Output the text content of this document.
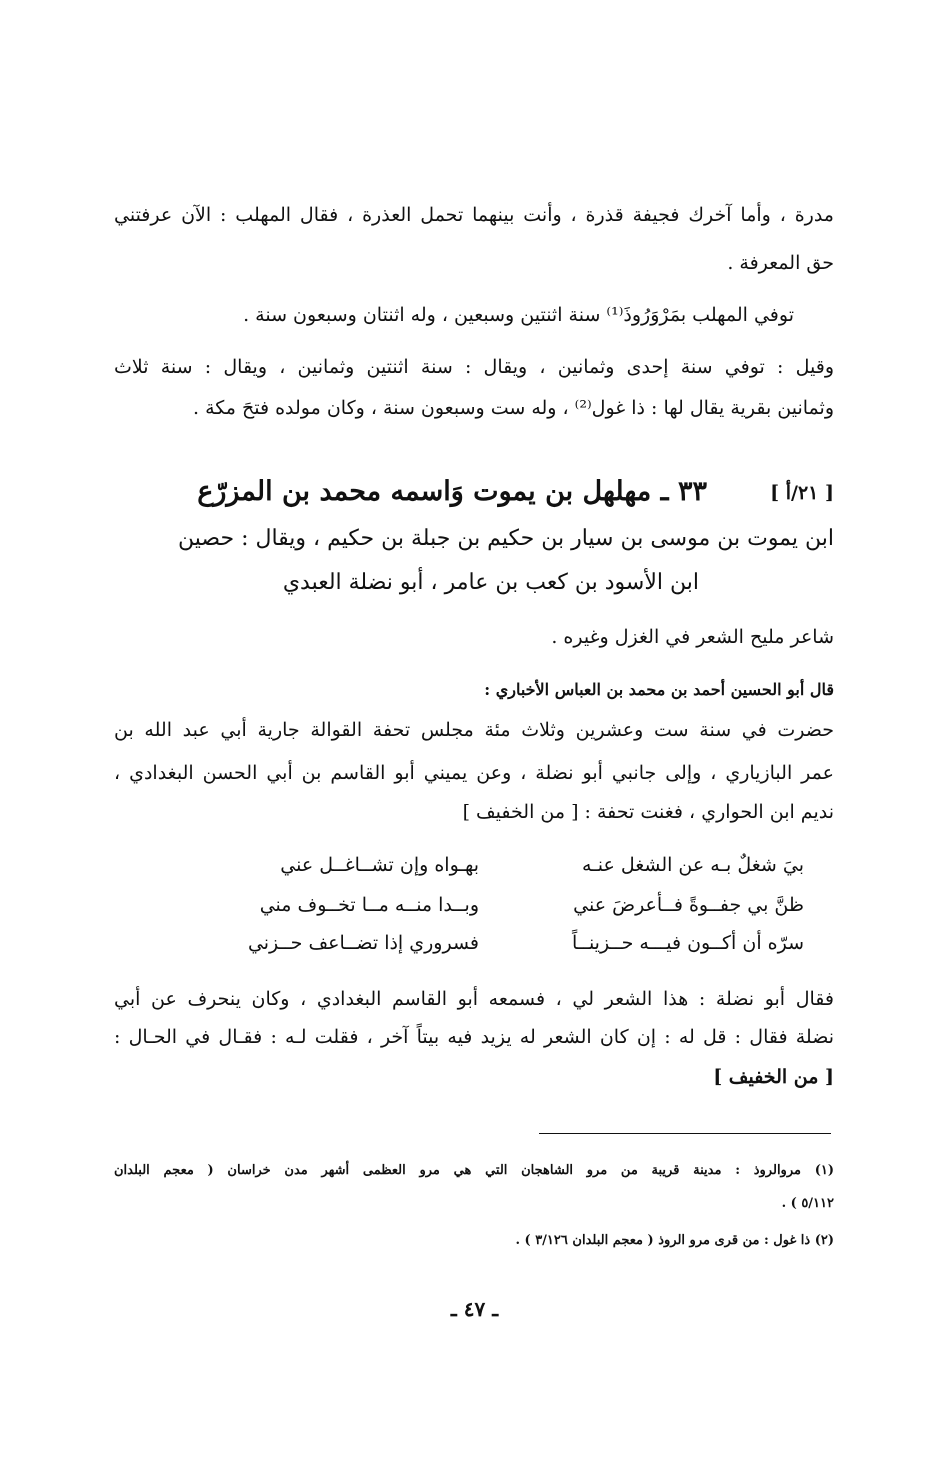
مدرة ، وأما آخرك فجيفة قذرة ، وأنت بينهما تحمل العذرة ، فقال المهلب : الآن عرفتني
حق المعرفة .
توفي المهلب بمَرْوَرُوذَ⁽¹⁾ سنة اثنتين وسبعين ، وله اثنتان وسبعون سنة .
وقيل : توفي سنة إحدى وثمانين ، ويقال : سنة اثنتين وثمانين ، ويقال : سنة ثلاث
وثمانين بقرية يقال لها : ذا غول⁽²⁾ ، وله ست وسبعون سنة ، وكان مولده فتحَ مكة .
[ ٢١/أ ]
٣٣ ـ مهلهل بن يموت وَاسمه محمد بن المزرّع
ابن يموت بن موسى بن سيار بن حكيم بن جبلة بن حكيم ، ويقال : حصين
ابن الأسود بن كعب بن عامر ، أبو نضلة العبدي
شاعر مليح الشعر في الغزل وغيره .
قال أبو الحسين أحمد بن محمد بن العباس الأخباري :
حضرت في سنة ست وعشرين وثلاث مئة مجلس تحفة القوالة جارية أبي عبد الله بن
عمر البازياري ، وإلى جانبي أبو نضلة ، وعن يميني أبو القاسم بن أبي الحسن البغدادي ،
نديم ابن الحواري ، فغنت تحفة : [ من الخفيف ]
بيَ شغلٌ بـه عن الشغل عنـه
بهـواه وإن تشــاغــل عني
ظنَّ بي جفــوةً فــأعرضَ عني
وبــدا منــه مــا تخــوف مني
سرّه أن أكــون فيـــه حــزينــاً
فسروري إذا تضــاعف حــزني
فقال أبو نضلة : هذا الشعر لي ، فسمعه أبو القاسم البغدادي ، وكان ينحرف عن أبي
نضلة فقال : قل له : إن كان الشعر له يزيد فيه بيتاً آخر ، فقلت لـه : فقـال في الحـال :
[ من الخفيف ]
(١) مروالروذ : مدينة قريبة من مرو الشاهجان التي هي مرو العظمى أشهر مدن خراسان ( معجم البلدان
٥/١١٢ ) .
(٢) ذا غول : من قرى مرو الروذ ( معجم البلدان ٣/١٢٦ ) .
ـ ٤٧ ـ
